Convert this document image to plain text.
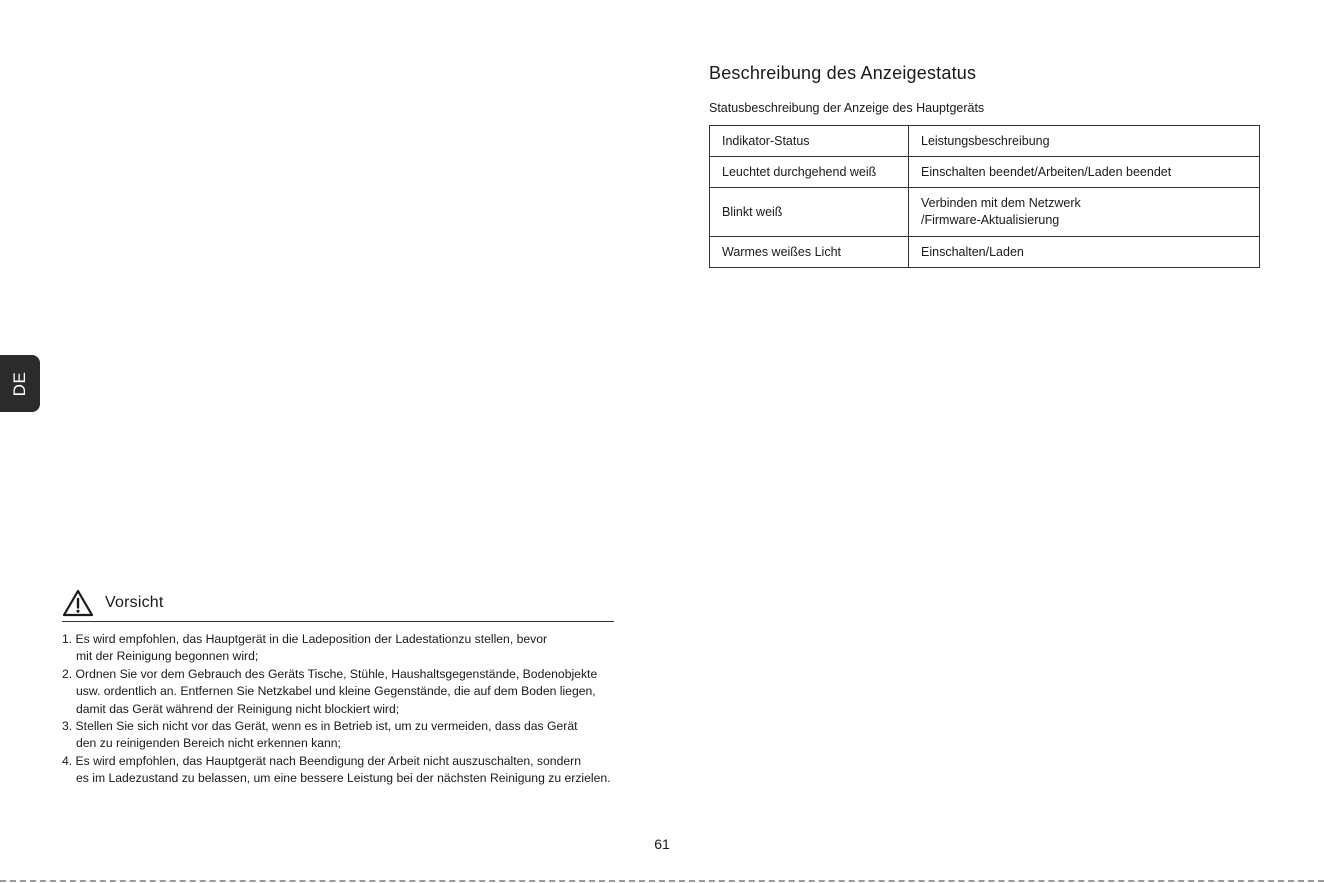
DE
Beschreibung des Anzeigestatus
Statusbeschreibung der Anzeige des Hauptgeräts
Indikator-Status	Leistungsbeschreibung
Leuchtet durchgehend weiß	Einschalten beendet/Arbeiten/Laden beendet
Blinkt weiß	Verbinden mit dem Netzwerk
/Firmware-Aktualisierung
Warmes weißes Licht	Einschalten/Laden
Vorsicht
1. Es wird empfohlen, das Hauptgerät in die Ladeposition der Ladestationzu stellen, bevor
mit der Reinigung begonnen wird;
2. Ordnen Sie vor dem Gebrauch des Geräts Tische, Stühle, Haushaltsgegenstände, Bodenobjekte
usw. ordentlich an. Entfernen Sie Netzkabel und kleine Gegenstände, die auf dem Boden liegen,
damit das Gerät während der Reinigung nicht blockiert wird;
3. Stellen Sie sich nicht vor das Gerät, wenn es in Betrieb ist, um zu vermeiden, dass das Gerät
den zu reinigenden Bereich nicht erkennen kann;
4. Es wird empfohlen, das Hauptgerät nach Beendigung der Arbeit nicht auszuschalten, sondern
es im Ladezustand zu belassen, um eine bessere Leistung bei der nächsten Reinigung zu erzielen.
61
